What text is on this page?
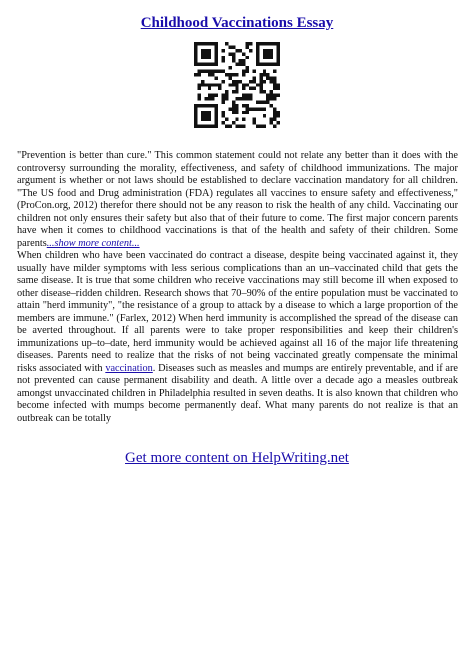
Childhood Vaccinations Essay

"Prevention is better than cure." This common statement could not relate any better than it does with the controversy surrounding the morality, effectiveness, and safety of childhood immunizations. The major argument is whether or not laws should be established to declare vaccination mandatory for all children. "The US food and Drug administration (FDA) regulates all vaccines to ensure safety and effectiveness," (ProCon.org, 2012) therefor there should not be any reason to risk the health of any child. Vaccinating our children not only ensures their safety but also that of their future to come. The first major concern parents have when it comes to childhood vaccinations is that of the health and safety of their children. Some parents...show more content...

When children who have been vaccinated do contract a disease, despite being vaccinated against it, they usually have milder symptoms with less serious complications than an un–vaccinated child that gets the same disease. It is true that some children who receive vaccinations may still become ill when exposed to other disease–ridden children. Research shows that 70–90% of the entire population must be vaccinated to attain "herd immunity", "the resistance of a group to attack by a disease to which a large proportion of the members are immune." (Farlex, 2012) When herd immunity is accomplished the spread of the disease can be averted throughout. If all parents were to take proper responsibilities and keep their children's immunizations up–to–date, herd immunity would be achieved against all 16 of the major life threatening diseases. Parents need to realize that the risks of not being vaccinated greatly compensate the minimal risks associated with vaccination. Diseases such as measles and mumps are entirely preventable, and if are not prevented can cause permanent disability and death. A little over a decade ago a measles outbreak amongst unvaccinated children in Philadelphia resulted in seven deaths. It is also known that children who become infected with mumps become permanently deaf. What many parents do not realize is that an outbreak can be totally

Get more content on HelpWriting.net
